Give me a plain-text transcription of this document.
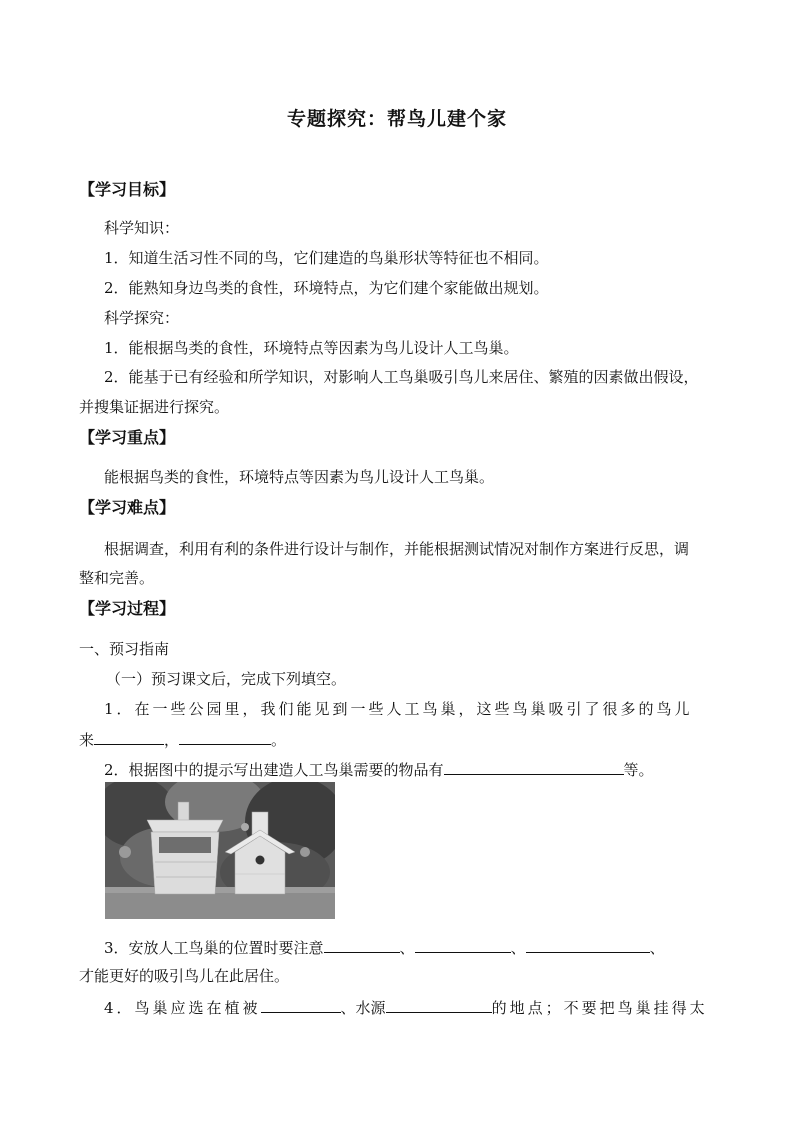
专题探究：帮鸟儿建个家
【学习目标】
科学知识：
1．知道生活习性不同的鸟，它们建造的鸟巢形状等特征也不相同。
2．能熟知身边鸟类的食性，环境特点，为它们建个家能做出规划。
科学探究：
1．能根据鸟类的食性，环境特点等因素为鸟儿设计人工鸟巢。
2．能基于已有经验和所学知识，对影响人工鸟巢吸引鸟儿来居住、繁殖的因素做出假设，
并搜集证据进行探究。
【学习重点】
能根据鸟类的食性，环境特点等因素为鸟儿设计人工鸟巢。
【学习难点】
根据调查，利用有利的条件进行设计与制作，并能根据测试情况对制作方案进行反思，调
整和完善。
【学习过程】
一、预习指南
（一）预习课文后，完成下列填空。
1．在一些公园里，我们能见到一些人工鸟巢，这些鸟巢吸引了很多的鸟儿
来	，	。
2．根据图中的提示写出建造人工鸟巢需要的物品有	等。
3．安放人工鸟巢的位置时要注意	、	、	、
才能更好的吸引鸟儿在此居住。
4．鸟巢应选在植被	、水源	的地点；不要把鸟巢挂得太
